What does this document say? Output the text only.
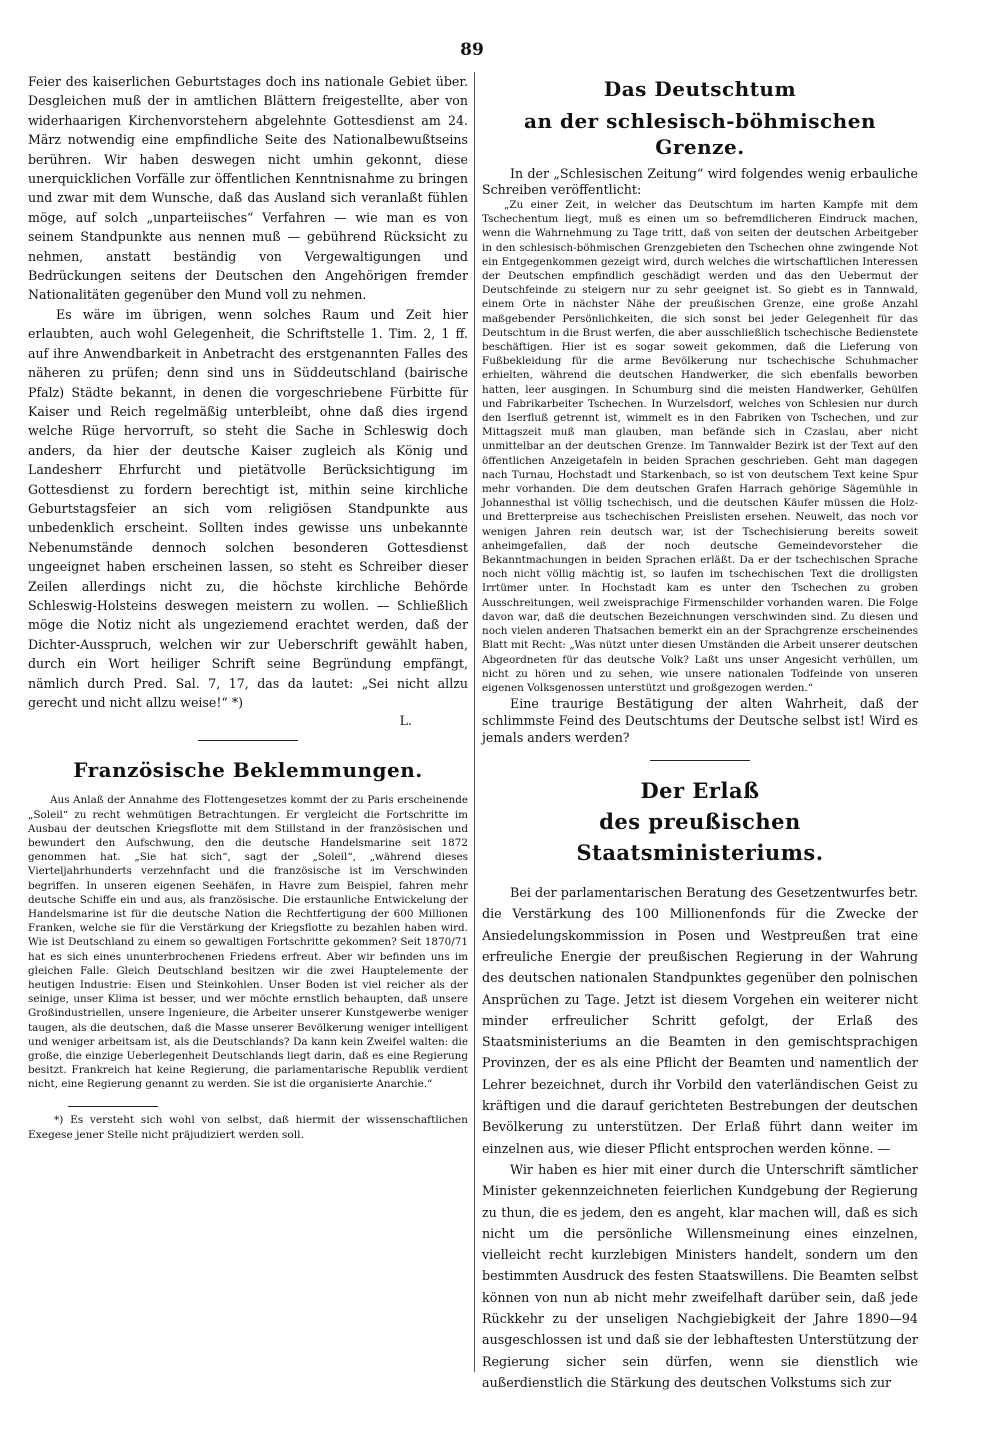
89

Feier des kaiserlichen Geburtstages doch ins nationale Gebiet über. Desgleichen muß der in amtlichen Blättern freigestellte, aber von widerhaarigen Kirchenvorstehern abgelehnte Gottesdienst am 24. März notwendig eine empfindliche Seite des Nationalbewußtseins berühren. Wir haben deswegen nicht umhin gekonnt, diese unerquicklichen Vorfälle zur öffentlichen Kenntnisnahme zu bringen und zwar mit dem Wunsche, daß das Ausland sich veranlaßt fühlen möge, auf solch „unparteiisches“ Verfahren — wie man es von seinem Standpunkte aus nennen muß — gebührend Rücksicht zu nehmen, anstatt beständig von Vergewaltigungen und Bedrückungen seitens der Deutschen den Angehörigen fremder Nationalitäten gegenüber den Mund voll zu nehmen.

Es wäre im übrigen, wenn solches Raum und Zeit hier erlaubten, auch wohl Gelegenheit, die Schriftstelle 1. Tim. 2, 1 ff. auf ihre Anwendbarkeit in Anbetracht des erstgenannten Falles des näheren zu prüfen; denn sind uns in Süddeutschland (bairische Pfalz) Städte bekannt, in denen die vorgeschriebene Fürbitte für Kaiser und Reich regelmäßig unterbleibt, ohne daß dies irgend welche Rüge hervorruft, so steht die Sache in Schleswig doch anders, da hier der deutsche Kaiser zugleich als König und Landesherr Ehrfurcht und pietätvolle Berücksichtigung im Gottesdienst zu fordern berechtigt ist, mithin seine kirchliche Geburtstagsfeier an sich vom religiösen Standpunkte aus unbedenklich erscheint. Sollten indes gewisse uns unbekannte Nebenumstände dennoch solchen besonderen Gottesdienst ungeeignet haben erscheinen lassen, so steht es Schreiber dieser Zeilen allerdings nicht zu, die höchste kirchliche Behörde Schleswig-Holsteins deswegen meistern zu wollen. — Schließlich möge die Notiz nicht als ungeziemend erachtet werden, daß der Dichter-Ausspruch, welchen wir zur Ueberschrift gewählt haben, durch ein Wort heiliger Schrift seine Begründung empfängt, nämlich durch Pred. Sal. 7, 17, das da lautet: „Sei nicht allzu gerecht und nicht allzu weise!“ *)

L.

Französische Beklemmungen.

Aus Anlaß der Annahme des Flottengesetzes kommt der zu Paris erscheinende „Soleil“ zu recht wehmütigen Betrachtungen. Er vergleicht die Fortschritte im Ausbau der deutschen Kriegsflotte mit dem Stillstand in der französischen und bewundert den Aufschwung, den die deutsche Handelsmarine seit 1872 genommen hat. „Sie hat sich“, sagt der „Soleil“, „während dieses Vierteljahrhunderts verzehnfacht und die französische ist im Verschwinden begriffen. In unseren eigenen Seehäfen, in Havre zum Beispiel, fahren mehr deutsche Schiffe ein und aus, als französische. Die erstaunliche Entwickelung der Handelsmarine ist für die deutsche Nation die Rechtfertigung der 600 Millionen Franken, welche sie für die Verstärkung der Kriegsflotte zu bezahlen haben wird. Wie ist Deutschland zu einem so gewaltigen Fortschritte gekommen? Seit 1870/71 hat es sich eines ununterbrochenen Friedens erfreut. Aber wir befinden uns im gleichen Falle. Gleich Deutschland besitzen wir die zwei Hauptelemente der heutigen Industrie: Eisen und Steinkohlen. Unser Boden ist viel reicher als der seinige, unser Klima ist besser, und wer möchte ernstlich behaupten, daß unsere Großindustriellen, unsere Ingenieure, die Arbeiter unserer Kunstgewerbe weniger taugen, als die deutschen, daß die Masse unserer Bevölkerung weniger intelligent und weniger arbeitsam ist, als die Deutschlands? Da kann kein Zweifel walten: die große, die einzige Ueberlegenheit Deutschlands liegt darin, daß es eine Regierung besitzt. Frankreich hat keine Regierung, die parlamentarische Republik verdient nicht, eine Regierung genannt zu werden. Sie ist die organisierte Anarchie.“

*) Es versteht sich wohl von selbst, daß hiermit der wissenschaftlichen Exegese jener Stelle nicht präjudiziert werden soll.

Das Deutschtum
an der schlesisch-böhmischen Grenze.

In der „Schlesischen Zeitung“ wird folgendes wenig erbauliche Schreiben veröffentlicht:

„Zu einer Zeit, in welcher das Deutschtum im harten Kampfe mit dem Tschechentum liegt, muß es einen um so befremdlicheren Eindruck machen, wenn die Wahrnehmung zu Tage tritt, daß von seiten der deutschen Arbeitgeber in den schlesisch-böhmischen Grenzgebieten den Tschechen ohne zwingende Not ein Entgegenkommen gezeigt wird, durch welches die wirtschaftlichen Interessen der Deutschen empfindlich geschädigt werden und das den Uebermut der Deutschfeinde zu steigern nur zu sehr geeignet ist. So giebt es in Tannwald, einem Orte in nächster Nähe der preußischen Grenze, eine große Anzahl maßgebender Persönlichkeiten, die sich sonst bei jeder Gelegenheit für das Deutschtum in die Brust werfen, die aber ausschließlich tschechische Bedienstete beschäftigen. Hier ist es sogar soweit gekommen, daß die Lieferung von Fußbekleidung für die arme Bevölkerung nur tschechische Schuhmacher erhielten, während die deutschen Handwerker, die sich ebenfalls beworben hatten, leer ausgingen. In Schumburg sind die meisten Handwerker, Gehülfen und Fabrikarbeiter Tschechen. In Wurzelsdorf, welches von Schlesien nur durch den Iserfluß getrennt ist, wimmelt es in den Fabriken von Tschechen, und zur Mittagszeit muß man glauben, man befände sich in Czaslau, aber nicht unmittelbar an der deutschen Grenze. Im Tannwalder Bezirk ist der Text auf den öffentlichen Anzeigetafeln in beiden Sprachen geschrieben. Geht man dagegen nach Turnau, Hochstadt und Starkenbach, so ist von deutschem Text keine Spur mehr vorhanden. Die dem deutschen Grafen Harrach gehörige Sägemühle in Johannesthal ist völlig tschechisch, und die deutschen Käufer müssen die Holz- und Bretterpreise aus tschechischen Preislisten ersehen. Neuwelt, das noch vor wenigen Jahren rein deutsch war, ist der Tschechisierung bereits soweit anheimgefallen, daß der noch deutsche Gemeindevorsteher die Bekanntmachungen in beiden Sprachen erläßt. Da er der tschechischen Sprache noch nicht völlig mächtig ist, so laufen im tschechischen Text die drolligsten Irrtümer unter. In Hochstadt kam es unter den Tschechen zu groben Ausschreitungen, weil zweisprachige Firmenschilder vorhanden waren. Die Folge davon war, daß die deutschen Bezeichnungen verschwinden sind. Zu diesen und noch vielen anderen Thatsachen bemerkt ein an der Sprachgrenze erscheinendes Blatt mit Recht: „Was nützt unter diesen Umständen die Arbeit unserer deutschen Abgeordneten für das deutsche Volk? Laßt uns unser Angesicht verhüllen, um nicht zu hören und zu sehen, wie unsere nationalen Todfeinde von unseren eigenen Volksgenossen unterstützt und großgezogen werden.“

Eine traurige Bestätigung der alten Wahrheit, daß der schlimmste Feind des Deutschtums der Deutsche selbst ist! Wird es jemals anders werden?

Der Erlaß
des preußischen Staatsministeriums.

Bei der parlamentarischen Beratung des Gesetzentwurfes betr. die Verstärkung des 100 Millionenfonds für die Zwecke der Ansiedelungskommission in Posen und Westpreußen trat eine erfreuliche Energie der preußischen Regierung in der Wahrung des deutschen nationalen Standpunktes gegenüber den polnischen Ansprüchen zu Tage. Jetzt ist diesem Vorgehen ein weiterer nicht minder erfreulicher Schritt gefolgt, der Erlaß des Staatsministeriums an die Beamten in den gemischtsprachigen Provinzen, der es als eine Pflicht der Beamten und namentlich der Lehrer bezeichnet, durch ihr Vorbild den vaterländischen Geist zu kräftigen und die darauf gerichteten Bestrebungen der deutschen Bevölkerung zu unterstützen. Der Erlaß führt dann weiter im einzelnen aus, wie dieser Pflicht entsprochen werden könne. —

Wir haben es hier mit einer durch die Unterschrift sämtlicher Minister gekennzeichneten feierlichen Kundgebung der Regierung zu thun, die es jedem, den es angeht, klar machen will, daß es sich nicht um die persönliche Willensmeinung eines einzelnen, vielleicht recht kurzlebigen Ministers handelt, sondern um den bestimmten Ausdruck des festen Staatswillens. Die Beamten selbst können von nun ab nicht mehr zweifelhaft darüber sein, daß jede Rückkehr zu der unseligen Nachgiebigkeit der Jahre 1890—94 ausgeschlossen ist und daß sie der lebhaftesten Unterstützung der Regierung sicher sein dürfen, wenn sie dienstlich wie außerdienstlich die Stärkung des deutschen Volkstums sich zur
